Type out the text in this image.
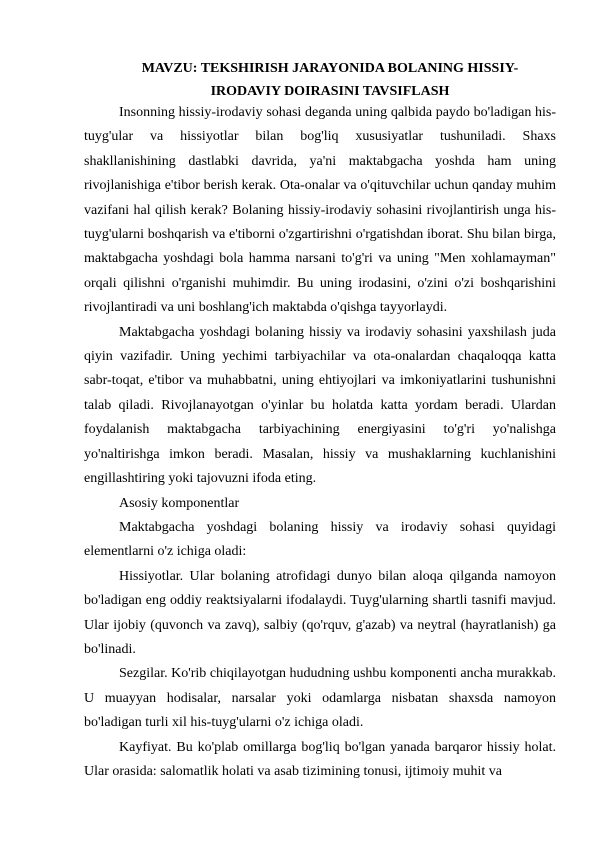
MAVZU: TEKSHIRISH JARAYONIDA BOLANING HISSIY-
IRODAVIY DOIRASINI TAVSIFLASH

Insonning hissiy-irodaviy sohasi deganda uning qalbida paydo bo'ladigan his-tuyg'ular va hissiyotlar bilan bog'liq xususiyatlar tushuniladi. Shaxs shakllanishining dastlabki davrida, ya'ni maktabgacha yoshda ham uning rivojlanishiga e'tibor berish kerak. Ota-onalar va o'qituvchilar uchun qanday muhim vazifani hal qilish kerak? Bolaning hissiy-irodaviy sohasini rivojlantirish unga his-tuyg'ularni boshqarish va e'tiborni o'zgartirishni o'rgatishdan iborat. Shu bilan birga, maktabgacha yoshdagi bola hamma narsani to'g'ri va uning "Men xohlamayman" orqali qilishni o'rganishi muhimdir. Bu uning irodasini, o'zini o'zi boshqarishini rivojlantiradi va uni boshlang'ich maktabda o'qishga tayyorlaydi.

Maktabgacha yoshdagi bolaning hissiy va irodaviy sohasini yaxshilash juda qiyin vazifadir. Uning yechimi tarbiyachilar va ota-onalardan chaqaloqqa katta sabr-toqat, e'tibor va muhabbatni, uning ehtiyojlari va imkoniyatlarini tushunishni talab qiladi. Rivojlanayotgan o'yinlar bu holatda katta yordam beradi. Ulardan foydalanish maktabgacha tarbiyachining energiyasini to'g'ri yo'nalishga yo'naltirishga imkon beradi. Masalan, hissiy va mushaklarning kuchlanishini engillashtiring yoki tajovuzni ifoda eting.

Asosiy komponentlar

Maktabgacha yoshdagi bolaning hissiy va irodaviy sohasi quyidagi elementlarni o'z ichiga oladi:

Hissiyotlar. Ular bolaning atrofidagi dunyo bilan aloqa qilganda namoyon bo'ladigan eng oddiy reaktsiyalarni ifodalaydi. Tuyg'ularning shartli tasnifi mavjud. Ular ijobiy (quvonch va zavq), salbiy (qo'rquv, g'azab) va neytral (hayratlanish) ga bo'linadi.

Sezgilar. Ko'rib chiqilayotgan hududning ushbu komponenti ancha murakkab. U muayyan hodisalar, narsalar yoki odamlarga nisbatan shaxsda namoyon bo'ladigan turli xil his-tuyg'ularni o'z ichiga oladi.

Kayfiyat. Bu ko'plab omillarga bog'liq bo'lgan yanada barqaror hissiy holat. Ular orasida: salomatlik holati va asab tizimining tonusi, ijtimoiy muhit va
